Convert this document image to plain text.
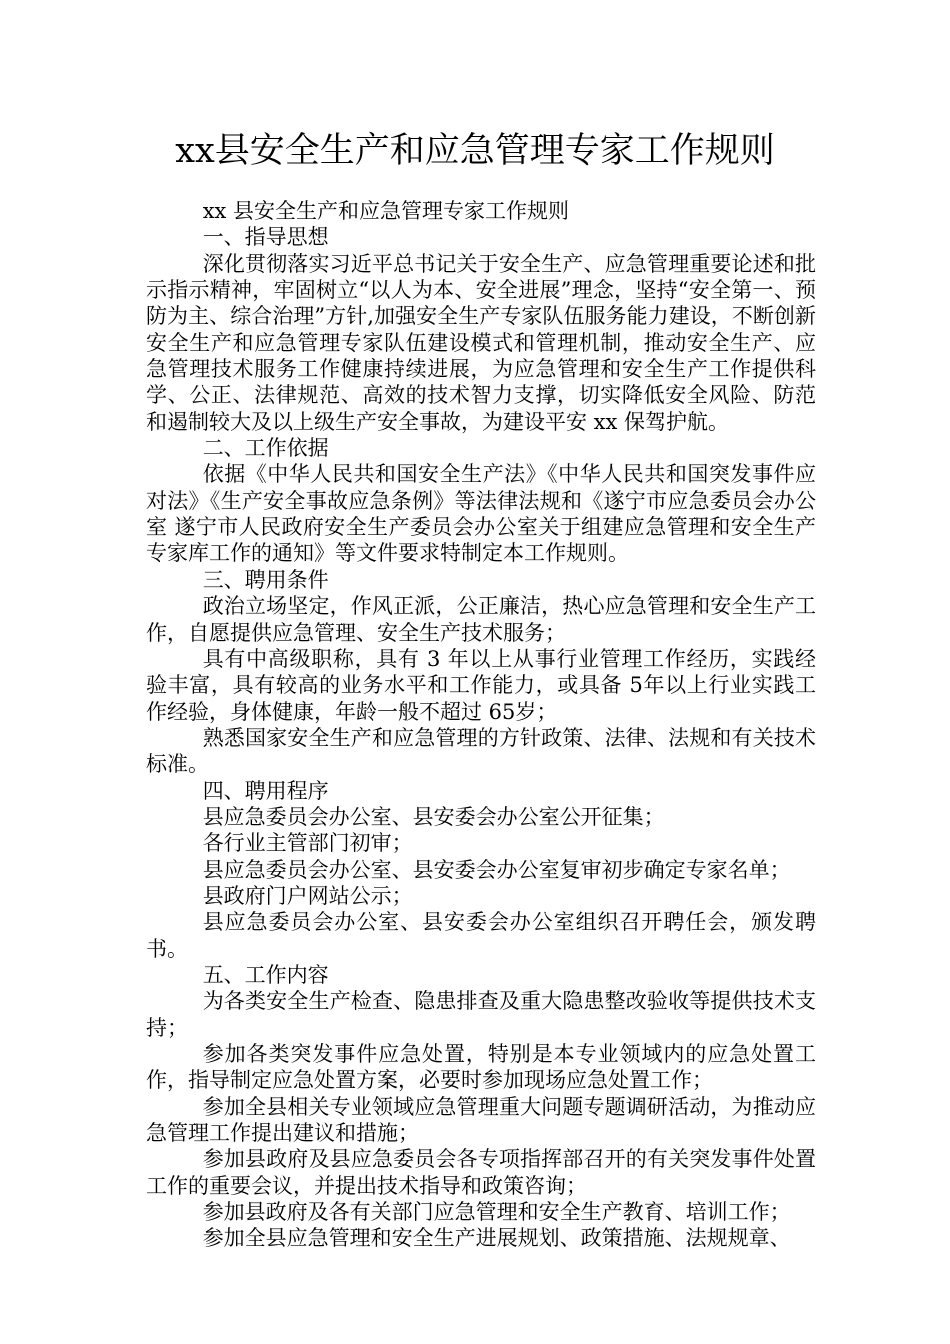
xx县安全生产和应急管理专家工作规则

xx 县安全生产和应急管理专家工作规则

一、指导思想

深化贯彻落实习近平总书记关于安全生产、应急管理重要论述和批示指示精神，牢固树立“以人为本、安全进展”理念，坚持“安全第一、预防为主、综合治理”方针,加强安全生产专家队伍服务能力建设，不断创新安全生产和应急管理专家队伍建设模式和管理机制，推动安全生产、应急管理技术服务工作健康持续进展，为应急管理和安全生产工作提供科学、公正、法律规范、高效的技术智力支撑，切实降低安全风险、防范和遏制较大及以上级生产安全事故，为建设平安 xx 保驾护航。

二、工作依据

依据《中华人民共和国安全生产法》《中华人民共和国突发事件应对法》《生产安全事故应急条例》等法律法规和《遂宁市应急委员会办公室 遂宁市人民政府安全生产委员会办公室关于组建应急管理和安全生产专家库工作的通知》等文件要求特制定本工作规则。

三、聘用条件

政治立场坚定，作风正派，公正廉洁，热心应急管理和安全生产工作，自愿提供应急管理、安全生产技术服务；

具有中高级职称，具有 3 年以上从事行业管理工作经历，实践经验丰富，具有较高的业务水平和工作能力，或具备 5年以上行业实践工作经验，身体健康，年龄一般不超过 65岁；

熟悉国家安全生产和应急管理的方针政策、法律、法规和有关技术标准。

四、聘用程序

县应急委员会办公室、县安委会办公室公开征集；

各行业主管部门初审；

县应急委员会办公室、县安委会办公室复审初步确定专家名单；

县政府门户网站公示；

县应急委员会办公室、县安委会办公室组织召开聘任会，颁发聘书。

五、工作内容

为各类安全生产检查、隐患排查及重大隐患整改验收等提供技术支持；

参加各类突发事件应急处置，特别是本专业领域内的应急处置工作，指导制定应急处置方案，必要时参加现场应急处置工作；

参加全县相关专业领域应急管理重大问题专题调研活动，为推动应急管理工作提出建议和措施；

参加县政府及县应急委员会各专项指挥部召开的有关突发事件处置工作的重要会议，并提出技术指导和政策咨询；

参加县政府及各有关部门应急管理和安全生产教育、培训工作；

参加全县应急管理和安全生产进展规划、政策措施、法规规章、
